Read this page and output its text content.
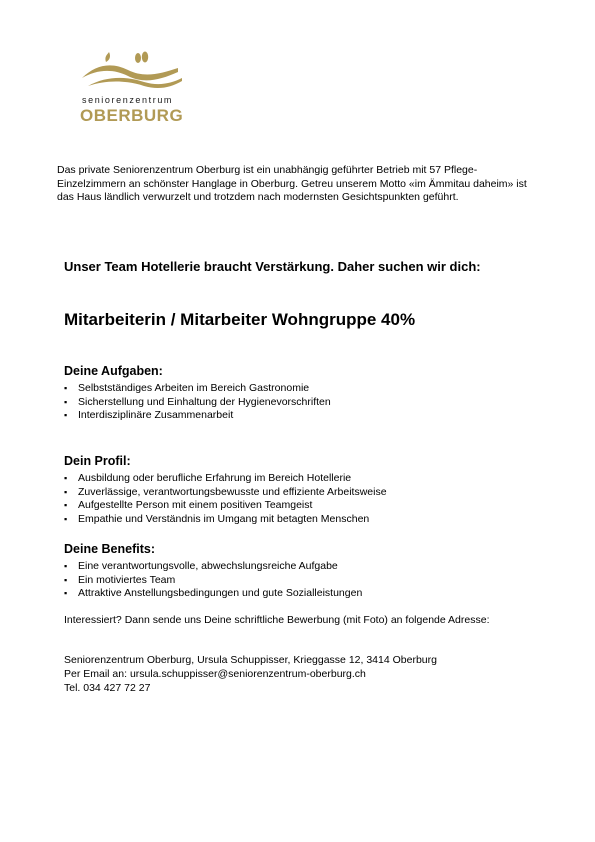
seniorenzentrum
OBERBURG
Das private Seniorenzentrum Oberburg ist ein unabhängig geführter Betrieb mit 57 Pflege-Einzelzimmern an schönster Hanglage in Oberburg. Getreu unserem Motto «im Ämmitau daheim» ist das Haus ländlich verwurzelt und trotzdem nach modernsten Gesichtspunkten geführt.
Unser Team Hotellerie braucht Verstärkung. Daher suchen wir dich:
Mitarbeiterin / Mitarbeiter Wohngruppe 40%
Deine Aufgaben:
▪ Selbstständiges Arbeiten im Bereich Gastronomie
▪ Sicherstellung und Einhaltung der Hygienevorschriften
▪ Interdisziplinäre Zusammenarbeit
Dein Profil:
▪ Ausbildung oder berufliche Erfahrung im Bereich Hotellerie
▪ Zuverlässige, verantwortungsbewusste und effiziente Arbeitsweise
▪ Aufgestellte Person mit einem positiven Teamgeist
▪ Empathie und Verständnis im Umgang mit betagten Menschen
Deine Benefits:
▪ Eine verantwortungsvolle, abwechslungsreiche Aufgabe
▪ Ein motiviertes Team
▪ Attraktive Anstellungsbedingungen und gute Sozialleistungen
Interessiert? Dann sende uns Deine schriftliche Bewerbung (mit Foto) an folgende Adresse:
Seniorenzentrum Oberburg, Ursula Schuppisser, Krieggasse 12, 3414 Oberburg
Per Email an: ursula.schuppisser@seniorenzentrum-oberburg.ch
Tel. 034 427 72 27
